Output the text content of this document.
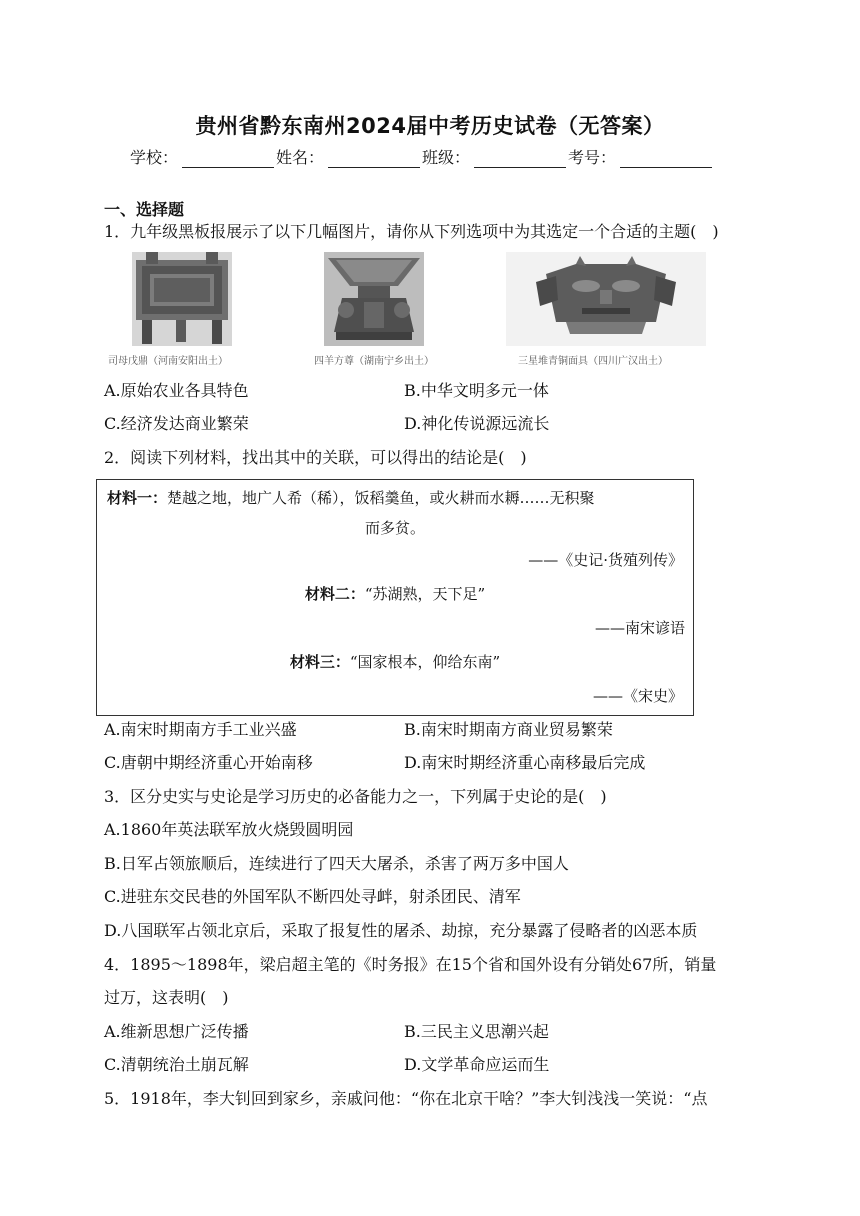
贵州省黔东南州2024届中考历史试卷（无答案）
学校：	姓名：	班级：	考号：
一、选择题
1．九年级黑板报展示了以下几幅图片，请你从下列选项中为其选定一个合适的主题(　)
司母戊鼎（河南安阳出土）	四羊方尊（湖南宁乡出土）	三星堆青铜面具（四川广汉出土）
A.原始农业各具特色	B.中华文明多元一体
C.经济发达商业繁荣	D.神化传说源远流长
2．阅读下列材料，找出其中的关联，可以得出的结论是(　)
材料一：楚越之地，地广人希（稀），饭稻羹鱼，或火耕而水耨……无积聚
而多贫。
——《史记·货殖列传》
材料二：“苏湖熟，天下足”
——南宋谚语
材料三：“国家根本，仰给东南”
——《宋史》
A.南宋时期南方手工业兴盛	B.南宋时期南方商业贸易繁荣
C.唐朝中期经济重心开始南移	D.南宋时期经济重心南移最后完成
3．区分史实与史论是学习历史的必备能力之一，下列属于史论的是(　)
A.1860年英法联军放火烧毁圆明园
B.日军占领旅顺后，连续进行了四天大屠杀，杀害了两万多中国人
C.进驻东交民巷的外国军队不断四处寻衅，射杀团民、清军
D.八国联军占领北京后，采取了报复性的屠杀、劫掠，充分暴露了侵略者的凶恶本质
4．1895～1898年，梁启超主笔的《时务报》在15个省和国外设有分销处67所，销量
过万，这表明(　)
A.维新思想广泛传播	B.三民主义思潮兴起
C.清朝统治土崩瓦解	D.文学革命应运而生
5．1918年，李大钊回到家乡，亲戚问他：“你在北京干啥？”李大钊浅浅一笑说：“点
